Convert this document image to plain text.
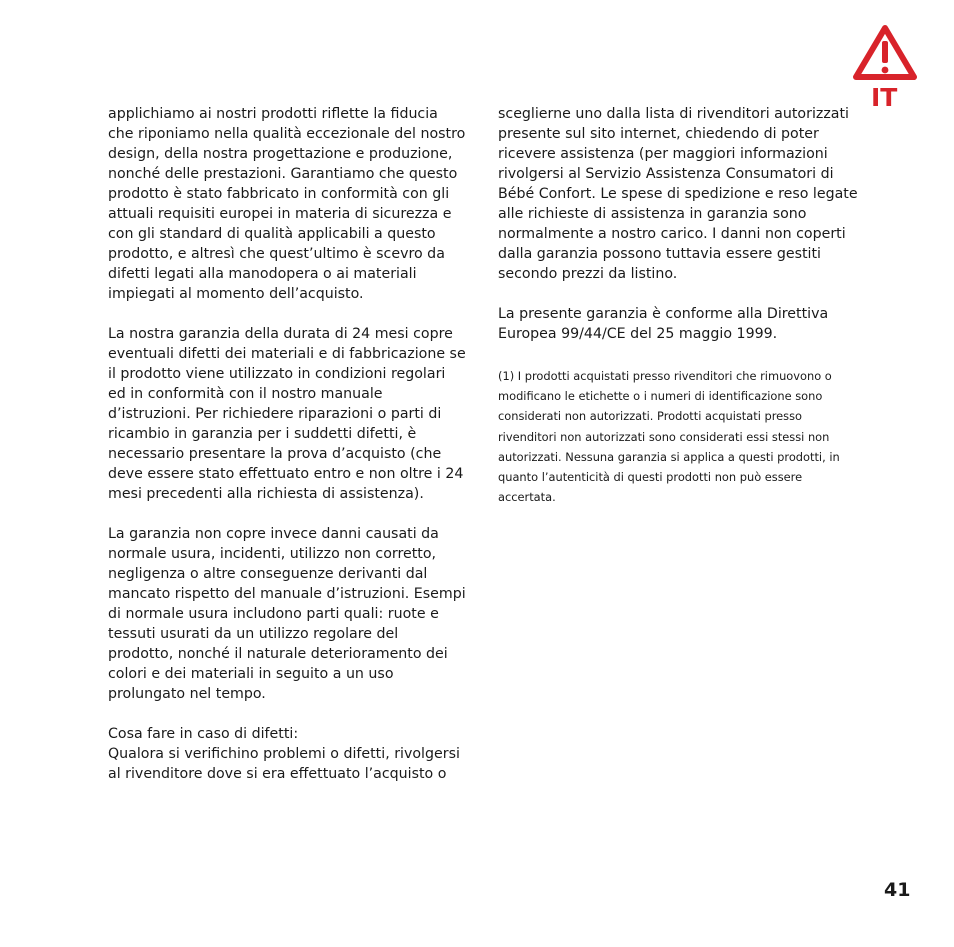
IT
applichiamo ai nostri prodotti riflette la fiducia
che riponiamo nella qualità eccezionale del nostro
design, della nostra progettazione e produzione,
nonché delle prestazioni. Garantiamo che questo
prodotto è stato fabbricato in conformità con gli
attuali requisiti europei in materia di sicurezza e
con gli standard di qualità applicabili a questo
prodotto, e altresì che quest’ultimo è scevro da
difetti legati alla manodopera o ai materiali
impiegati al momento dell’acquisto.
La nostra garanzia della durata di 24 mesi copre
eventuali difetti dei materiali e di fabbricazione se
il prodotto viene utilizzato in condizioni regolari
ed in conformità con il nostro manuale
d’istruzioni. Per richiedere riparazioni o parti di
ricambio in garanzia per i suddetti difetti, è
necessario presentare la prova d’acquisto (che
deve essere stato effettuato entro e non oltre i 24
mesi precedenti alla richiesta di assistenza).
La garanzia non copre invece danni causati da
normale usura, incidenti, utilizzo non corretto,
negligenza o altre conseguenze derivanti dal
mancato rispetto del manuale d’istruzioni. Esempi
di normale usura includono parti quali: ruote e
tessuti usurati da un utilizzo regolare del
prodotto, nonché il naturale deterioramento dei
colori e dei materiali in seguito a un uso
prolungato nel tempo.
Cosa fare in caso di difetti:
Qualora si verifichino problemi o difetti, rivolgersi
al rivenditore dove si era effettuato l’acquisto o
sceglierne uno dalla lista di rivenditori autorizzati
presente sul sito internet, chiedendo di poter
ricevere assistenza (per maggiori informazioni
rivolgersi al Servizio Assistenza Consumatori di
Bébé Confort. Le spese di spedizione e reso legate
alle richieste di assistenza in garanzia sono
normalmente a nostro carico. I danni non coperti
dalla garanzia possono tuttavia essere gestiti
secondo prezzi da listino.
La presente garanzia è conforme alla Direttiva
Europea 99/44/CE del 25 maggio 1999.
(1) I prodotti acquistati presso rivenditori che rimuovono o
modificano le etichette o i numeri di identificazione sono
considerati non autorizzati. Prodotti acquistati presso
rivenditori non autorizzati sono considerati essi stessi non
autorizzati. Nessuna garanzia si applica a questi prodotti, in
quanto l’autenticità di questi prodotti non può essere
accertata.
41
